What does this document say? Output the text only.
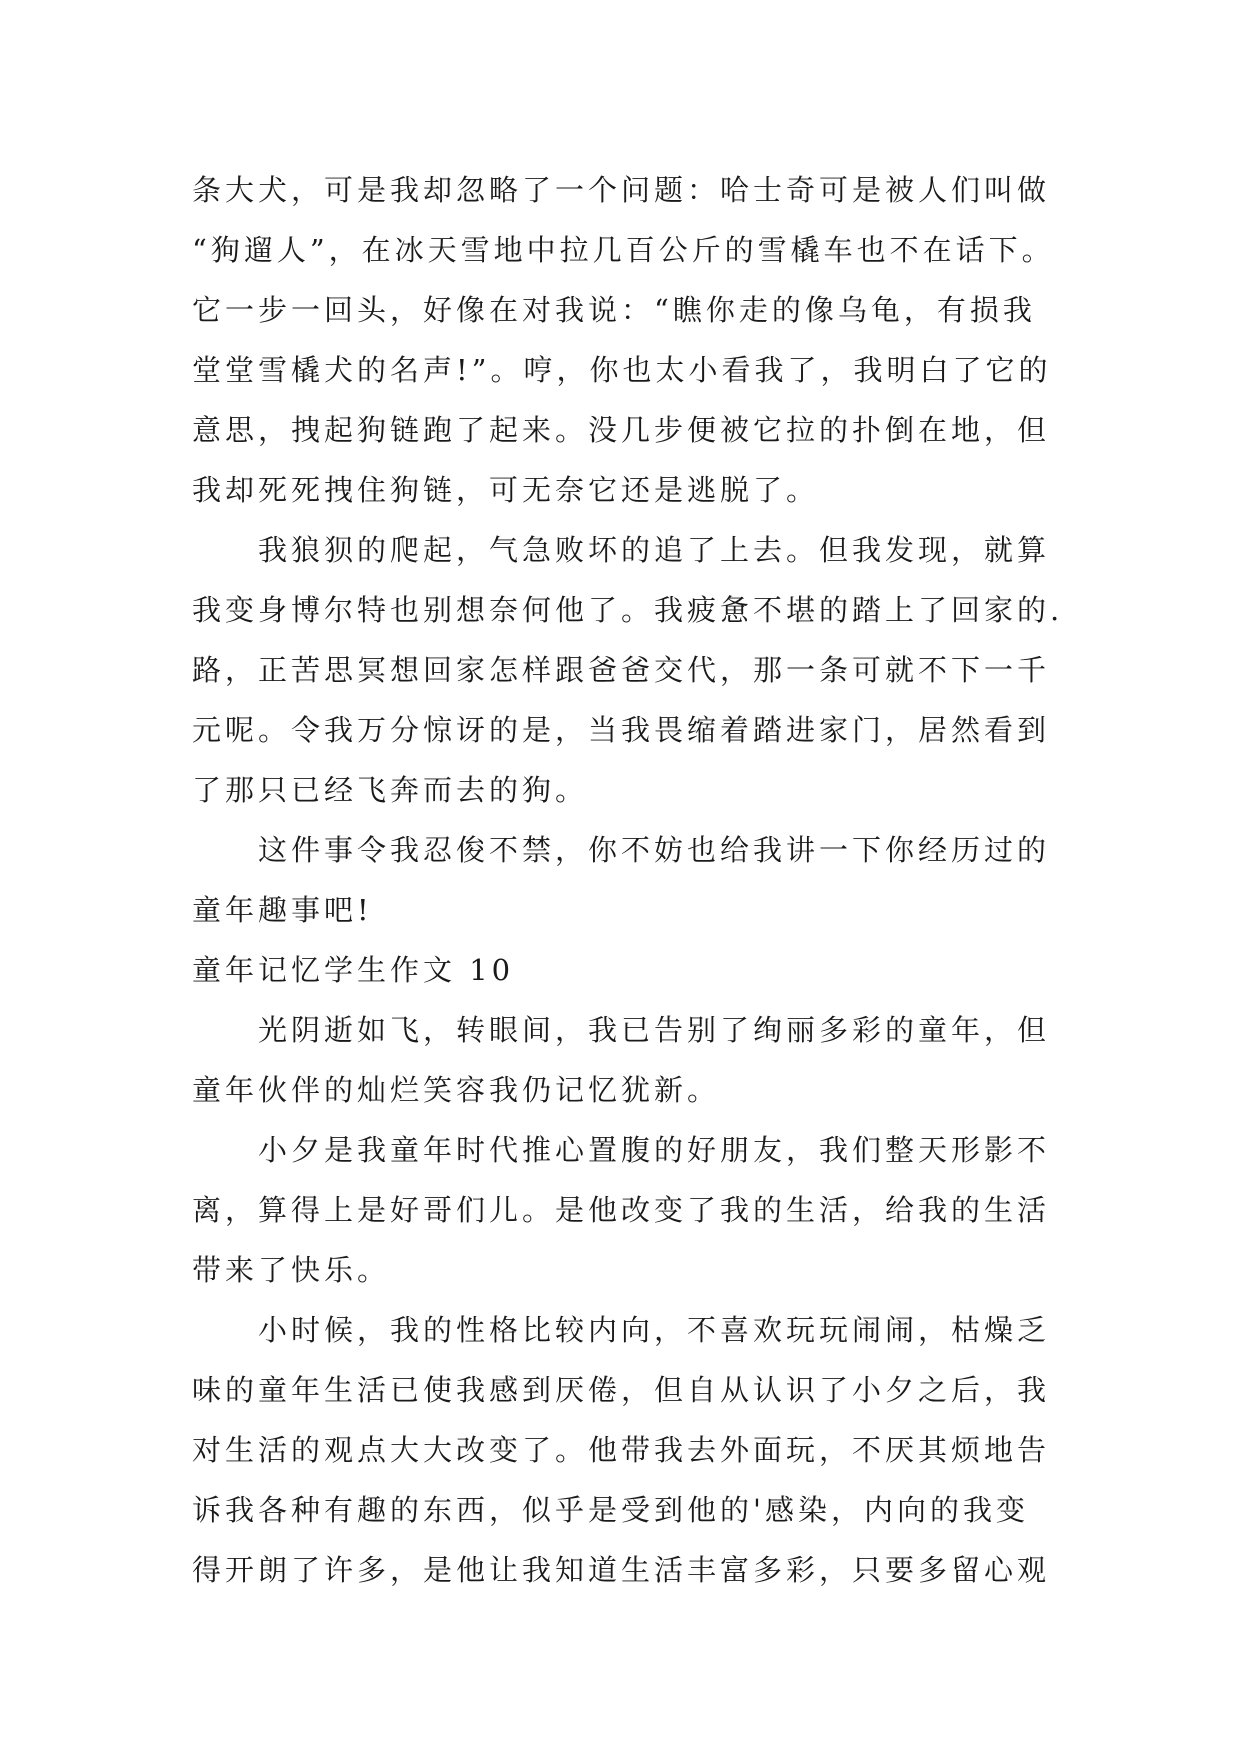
条大犬，可是我却忽略了一个问题：哈士奇可是被人们叫做
“狗遛人”，在冰天雪地中拉几百公斤的雪橇车也不在话下。
它一步一回头，好像在对我说：“瞧你走的像乌龟，有损我
堂堂雪橇犬的名声!”。哼，你也太小看我了，我明白了它的
意思，拽起狗链跑了起来。没几步便被它拉的扑倒在地，但
我却死死拽住狗链，可无奈它还是逃脱了。
我狼狈的爬起，气急败坏的追了上去。但我发现，就算
我变身博尔特也别想奈何他了。我疲惫不堪的踏上了回家的.
路，正苦思冥想回家怎样跟爸爸交代，那一条可就不下一千
元呢。令我万分惊讶的是，当我畏缩着踏进家门，居然看到
了那只已经飞奔而去的狗。
这件事令我忍俊不禁，你不妨也给我讲一下你经历过的
童年趣事吧!
童年记忆学生作文 10
光阴逝如飞，转眼间，我已告别了绚丽多彩的童年，但
童年伙伴的灿烂笑容我仍记忆犹新。
小夕是我童年时代推心置腹的好朋友，我们整天形影不
离，算得上是好哥们儿。是他改变了我的生活，给我的生活
带来了快乐。
小时候，我的性格比较内向，不喜欢玩玩闹闹，枯燥乏
味的童年生活已使我感到厌倦，但自从认识了小夕之后，我
对生活的观点大大改变了。他带我去外面玩，不厌其烦地告
诉我各种有趣的东西，似乎是受到他的'感染，内向的我变
得开朗了许多，是他让我知道生活丰富多彩，只要多留心观
